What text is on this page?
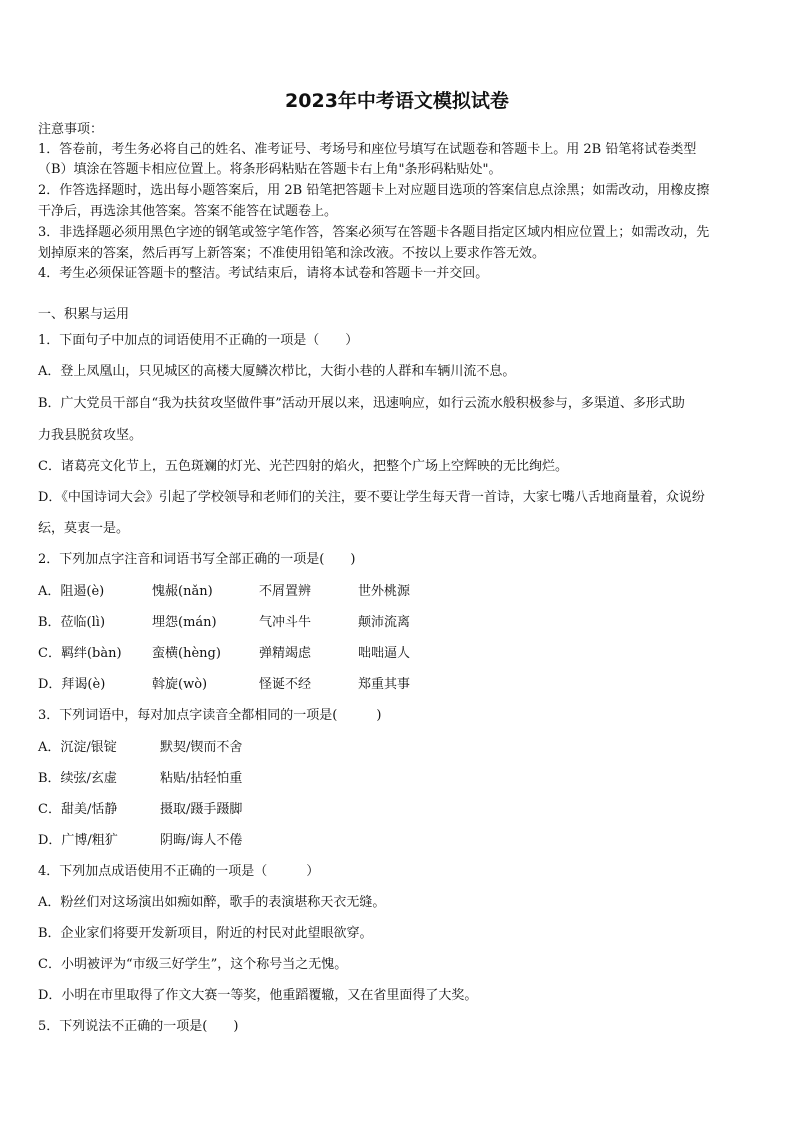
2023年中考语文模拟试卷
注意事项：
1．答卷前，考生务必将自己的姓名、准考证号、考场号和座位号填写在试题卷和答题卡上。用 2B 铅笔将试卷类型
（B）填涂在答题卡相应位置上。将条形码粘贴在答题卡右上角"条形码粘贴处"。
2．作答选择题时，选出每小题答案后，用 2B 铅笔把答题卡上对应题目选项的答案信息点涂黑；如需改动，用橡皮擦
干净后，再选涂其他答案。答案不能答在试题卷上。
3．非选择题必须用黑色字迹的钢笔或签字笔作答，答案必须写在答题卡各题目指定区域内相应位置上；如需改动，先
划掉原来的答案，然后再写上新答案；不准使用铅笔和涂改液。不按以上要求作答无效。
4．考生必须保证答题卡的整洁。考试结束后，请将本试卷和答题卡一并交回。
一、积累与运用
1．下面句子中加点的词语使用不正确的一项是（　　）
A．登上凤凰山，只见城区的高楼大厦鳞次栉比，大街小巷的人群和车辆川流不息。
B．广大党员干部自“我为扶贫攻坚做件事”活动开展以来，迅速响应，如行云流水般积极参与，多渠道、多形式助
力我县脱贫攻坚。
C．诸葛亮文化节上，五色斑斓的灯光、光芒四射的焰火，把整个广场上空辉映的无比绚烂。
D．《中国诗词大会》引起了学校领导和老师们的关注，要不要让学生每天背一首诗，大家七嘴八舌地商量着，众说纷
纭，莫衷一是。
2．下列加点字注音和词语书写全部正确的一项是(　　)
A．阻遏(è)	愧赧(nǎn)	不屑置辨	世外桃源
B．莅临(lì)	埋怨(mán)	气冲斗牛	颠沛流离
C．羁绊(bàn) 蛮横(hèng)	弹精竭虑	咄咄逼人
D．拜谒(è)	斡旋(wò)	怪诞不经	郑重其事
3．下列词语中，每对加点字读音全都相同的一项是(　　　)
A．沉淀/银锭	默契/锲而不舍
B．续弦/玄虚	粘贴/拈轻怕重
C．甜美/恬静	摄取/蹑手蹑脚
D．广博/粗犷	阴晦/诲人不倦
4．下列加点成语使用不正确的一项是（　　　）
A．粉丝们对这场演出如痴如醉，歌手的表演堪称天衣无缝。
B．企业家们将要开发新项目，附近的村民对此望眼欲穿。
C．小明被评为“市级三好学生”，这个称号当之无愧。
D．小明在市里取得了作文大赛一等奖，他重蹈覆辙，又在省里面得了大奖。
5．下列说法不正确的一项是(　　)
